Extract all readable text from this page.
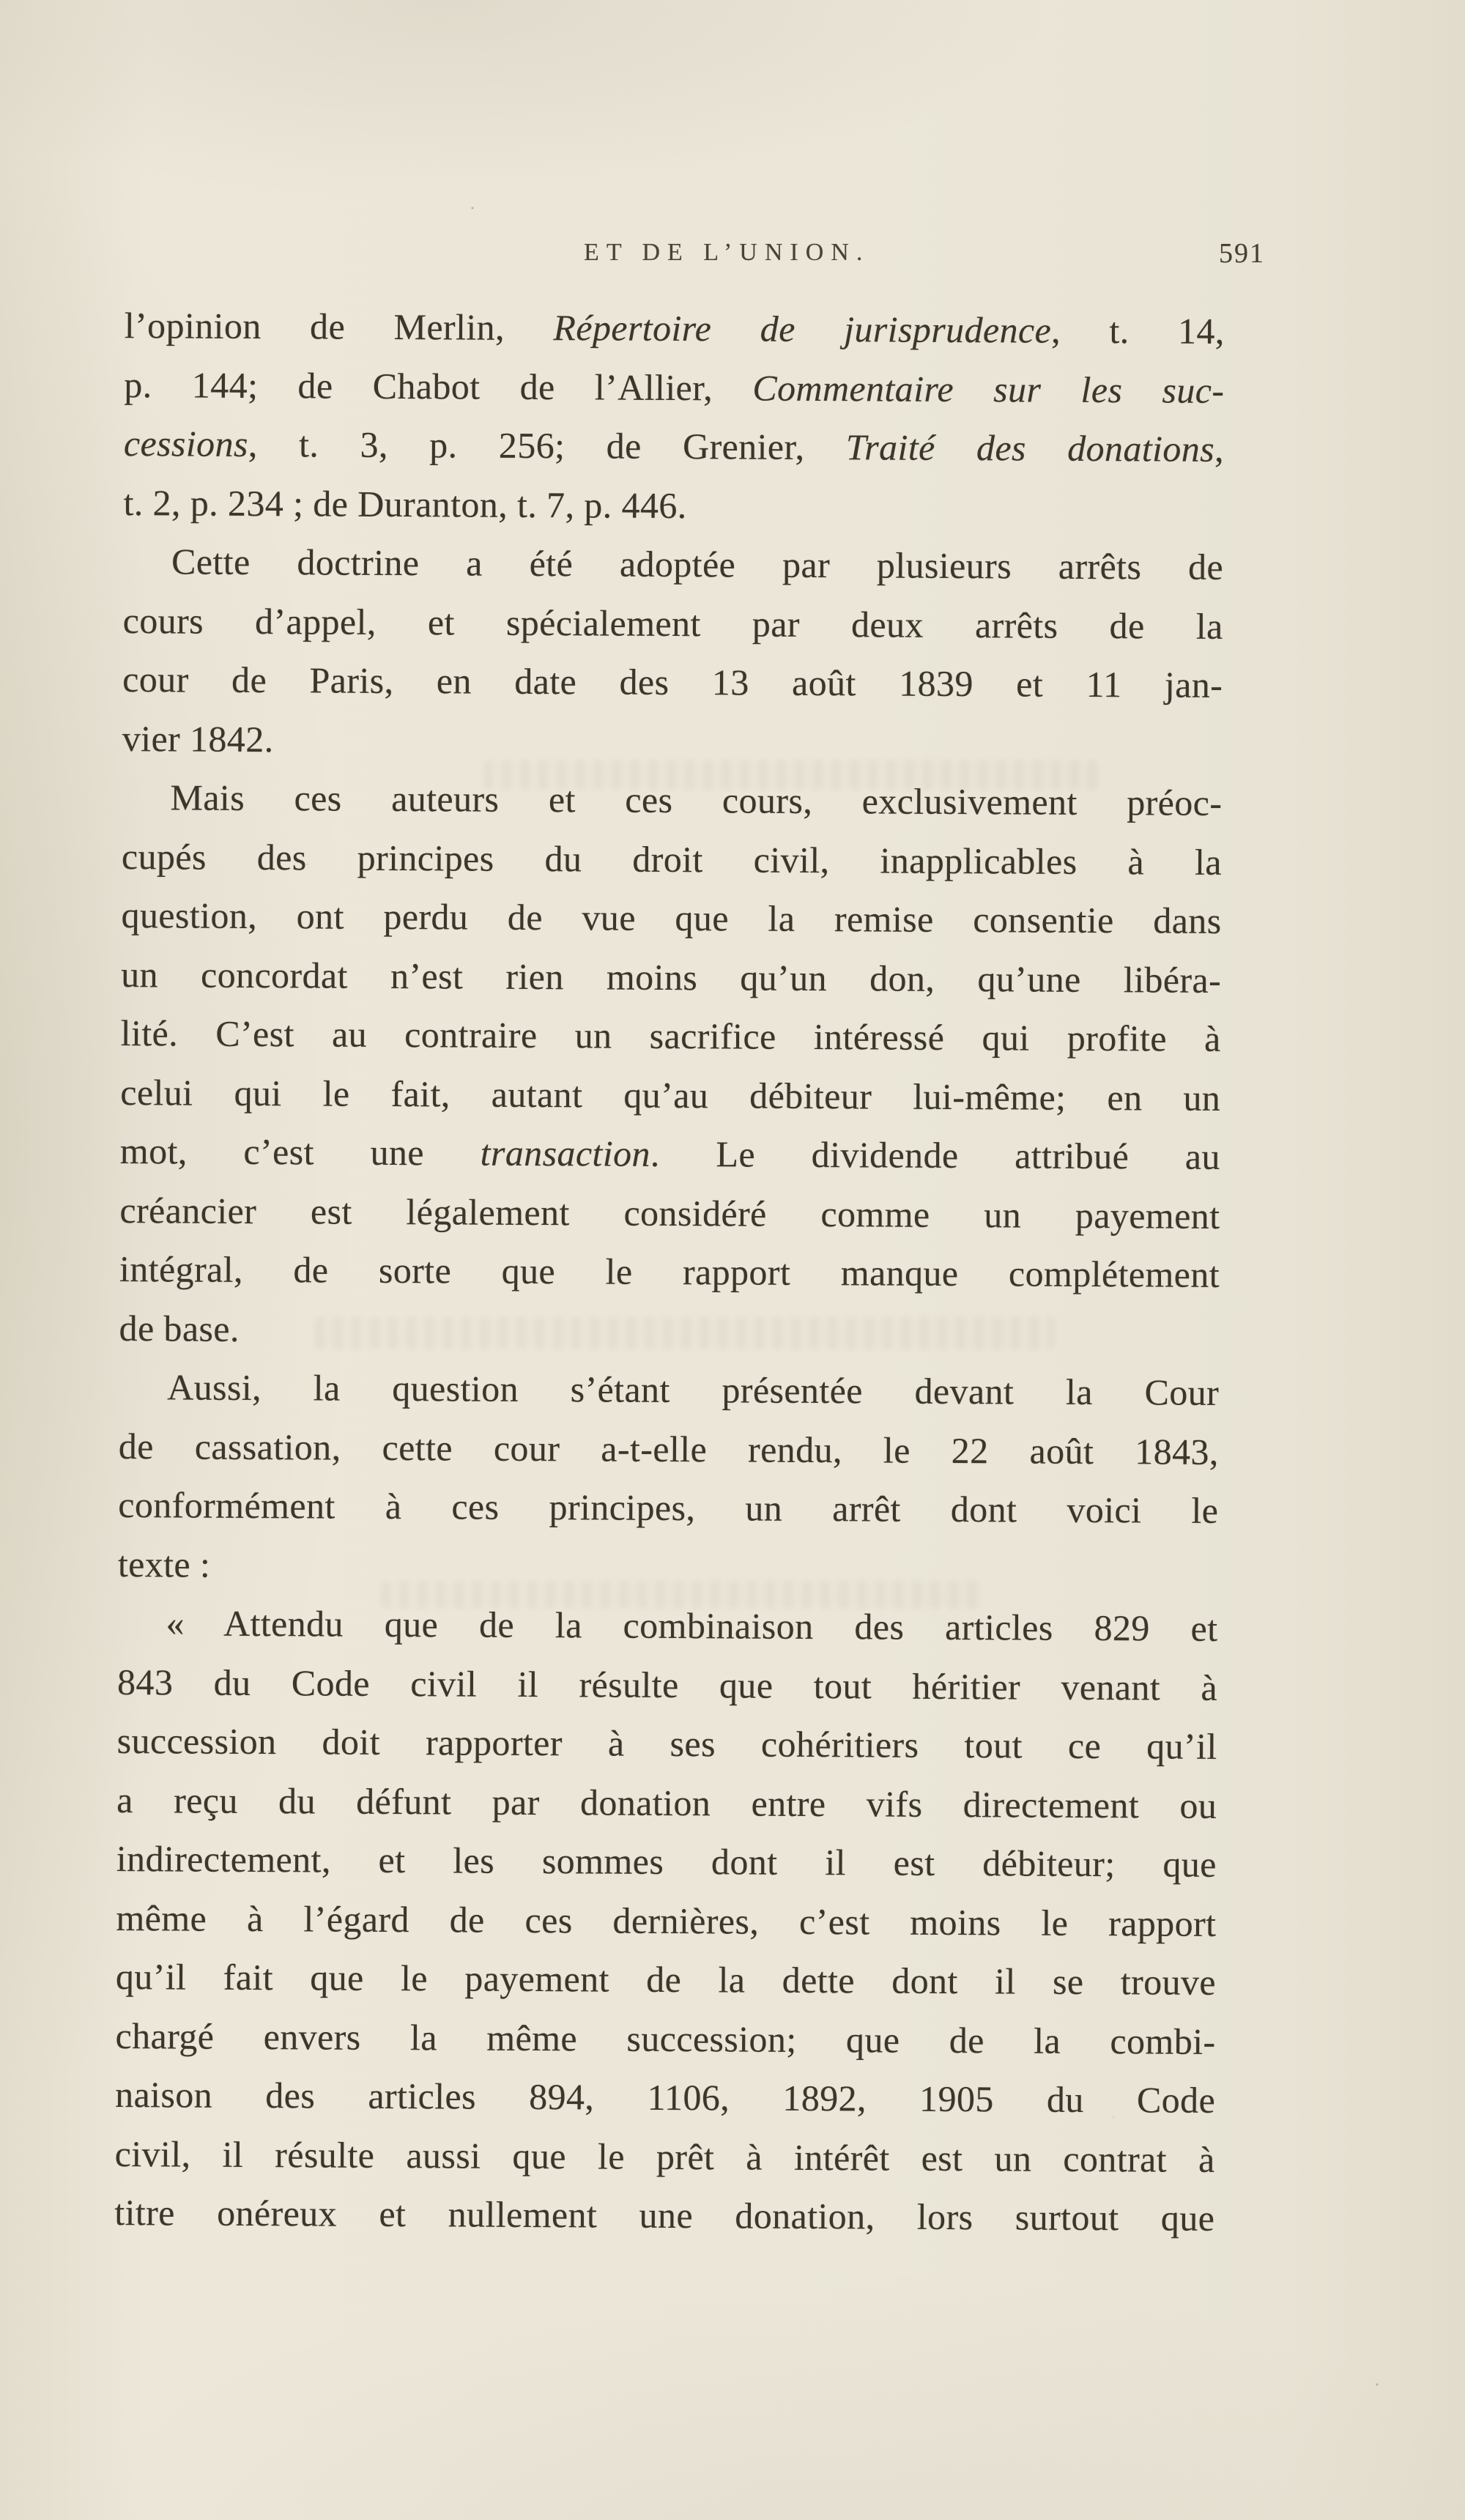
ET DE L’UNION.	591
l’opinion de Merlin, Répertoire de jurisprudence, t. 14,
p. 144; de Chabot de l’Allier, Commentaire sur les suc-
cessions, t. 3, p. 256; de Grenier, Traité des donations,
t. 2, p. 234 ; de Duranton, t. 7, p. 446.
Cette doctrine a été adoptée par plusieurs arrêts de
cours d’appel, et spécialement par deux arrêts de la
cour de Paris, en date des 13 août 1839 et 11 jan-
vier 1842.
Mais ces auteurs et ces cours, exclusivement préoc-
cupés des principes du droit civil, inapplicables à la
question, ont perdu de vue que la remise consentie dans
un concordat n’est rien moins qu’un don, qu’une libéra-
lité. C’est au contraire un sacrifice intéressé qui profite à
celui qui le fait, autant qu’au débiteur lui-même; en un
mot, c’est une transaction. Le dividende attribué au
créancier est légalement considéré comme un payement
intégral, de sorte que le rapport manque complétement
de base.
Aussi, la question s’étant présentée devant la Cour
de cassation, cette cour a-t-elle rendu, le 22 août 1843,
conformément à ces principes, un arrêt dont voici le
texte :
« Attendu que de la combinaison des articles 829 et
843 du Code civil il résulte que tout héritier venant à
succession doit rapporter à ses cohéritiers tout ce qu’il
a reçu du défunt par donation entre vifs directement ou
indirectement, et les sommes dont il est débiteur; que
même à l’égard de ces dernières, c’est moins le rapport
qu’il fait que le payement de la dette dont il se trouve
chargé envers la même succession; que de la combi-
naison des articles 894, 1106, 1892, 1905 du Code
civil, il résulte aussi que le prêt à intérêt est un contrat à
titre onéreux et nullement une donation, lors surtout que
